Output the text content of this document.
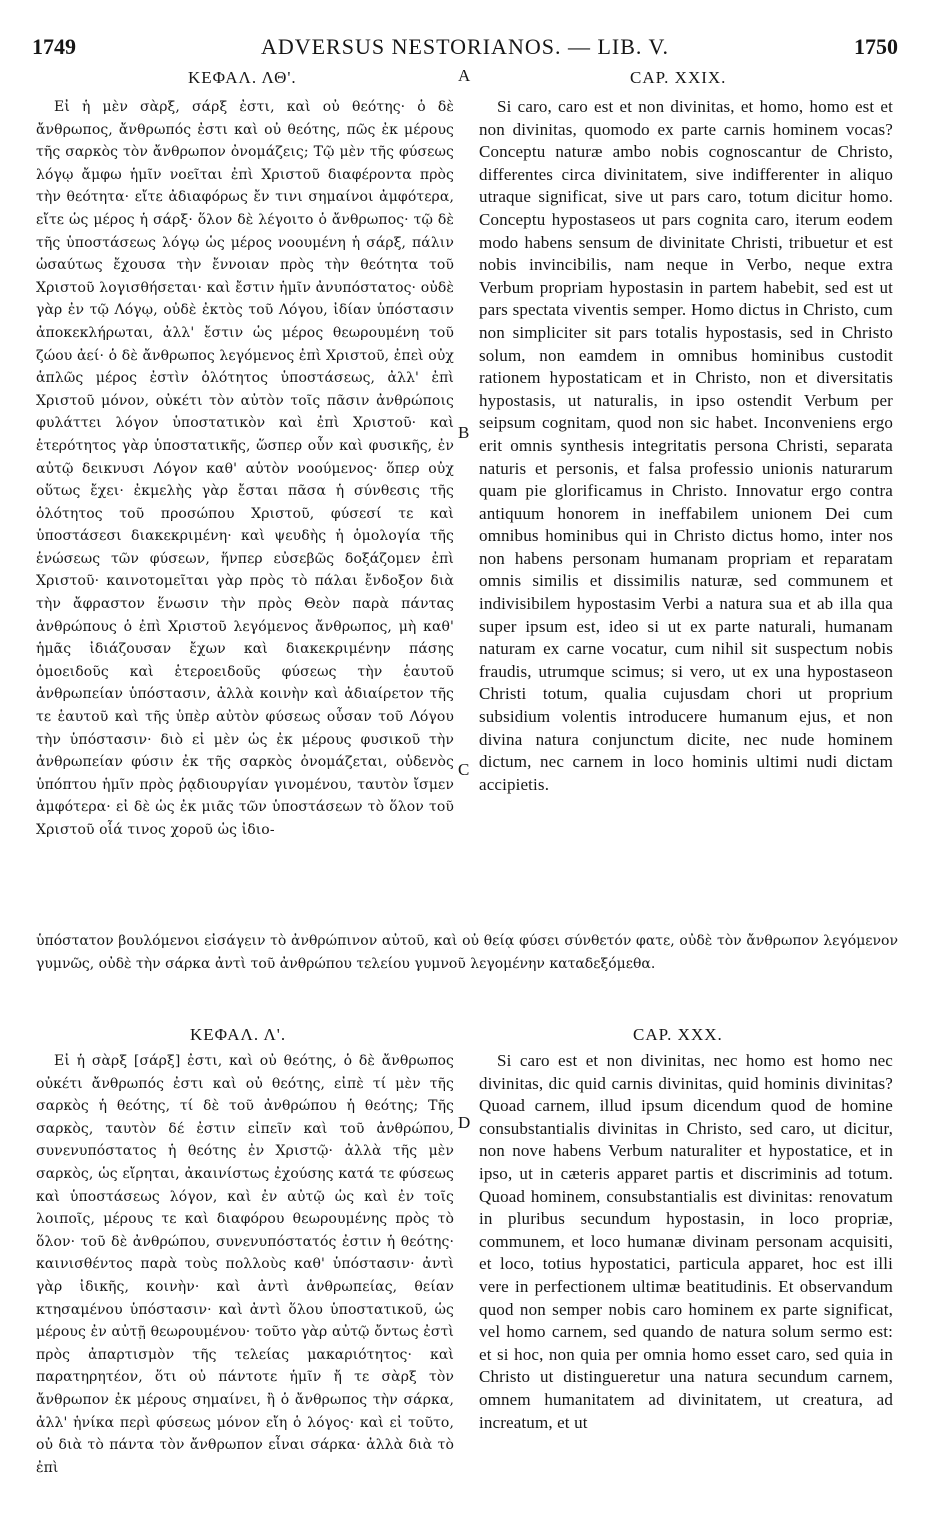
1749	ADVERSUS NESTORIANOS. — LIB. V.	1750
ΚΕΦΑΛ. ΛΘ'.	CAP. XXIX.

Εἰ ἡ μὲν σὰρξ, σάρξ ἐστι, καὶ οὐ θεότης· ὁ δὲ ἄνθρωπος, ἄνθρωπός ἐστι καὶ οὐ θεότης, πῶς ἐκ μέρους τῆς σαρκὸς τὸν ἄνθρωπον ὀνομάζεις; Τῷ μὲν τῆς φύσεως λόγῳ ἄμφω ἡμῖν νοεῖται ἐπὶ Χριστοῦ διαφέροντα πρὸς τὴν θεότητα· εἴτε ἀδιαφόρως ἔν τινι σημαίνοι ἀμφότερα, εἴτε ὡς μέρος ἡ σάρξ· ὅλον δὲ λέγοιτο ὁ ἄνθρωπος· τῷ δὲ τῆς ὑποστάσεως λόγῳ ὡς μέρος νοουμένη ἡ σάρξ, πάλιν ὡσαύτως ἔχουσα τὴν ἔννοιαν πρὸς τὴν θεότητα τοῦ Χριστοῦ λογισθήσεται· καὶ ἔστιν ἡμῖν ἀνυπόστατος· οὐδὲ γὰρ ἐν τῷ Λόγῳ, οὐδὲ ἐκτὸς τοῦ Λόγου, ἰδίαν ὑπόστασιν ἀποκεκλήρωται, ἀλλ' ἔστιν ὡς μέρος θεωρουμένη τοῦ ζώου ἀεί· ὁ δὲ ἄνθρωπος λεγόμενος ἐπὶ Χριστοῦ, ἐπεὶ οὐχ ἁπλῶς μέρος ἐστὶν ὁλότητος ὑποστάσεως, ἀλλ' ἐπὶ Χριστοῦ μόνον, οὐκέτι τὸν αὐτὸν τοῖς πᾶσιν ἀνθρώποις φυλάττει λόγον ὑποστατικὸν καὶ ἐπὶ Χριστοῦ· καὶ ἑτερότητος γὰρ ὑποστατικῆς, ὥσπερ οὖν καὶ φυσικῆς, ἐν αὐτῷ δεικνυσι Λόγον καθ' αὑτὸν νοούμενος· ὅπερ οὐχ οὕτως ἔχει· ἐκμελὴς γὰρ ἔσται πᾶσα ἡ σύνθεσις τῆς ὁλότητος τοῦ προσώπου Χριστοῦ, φύσεσί τε καὶ ὑποστάσεσι διακεκριμένη· καὶ ψευδὴς ἡ ὁμολογία τῆς ἑνώσεως τῶν φύσεων, ἥνπερ εὐσεβῶς δοξάζομεν ἐπὶ Χριστοῦ· καινοτομεῖται γὰρ πρὸς τὸ πάλαι ἔνδοξον διὰ τὴν ἄφραστον ἕνωσιν τὴν πρὸς Θεὸν παρὰ πάντας ἀνθρώπους ὁ ἐπὶ Χριστοῦ λεγόμενος ἄνθρωπος, μὴ καθ' ἡμᾶς ἰδιάζουσαν ἔχων καὶ διακεκριμένην πάσης ὁμοειδοῦς καὶ ἑτεροειδοῦς φύσεως τὴν ἑαυτοῦ ἀνθρωπείαν ὑπόστασιν, ἀλλὰ κοινὴν καὶ ἀδιαίρετον τῆς τε ἑαυτοῦ καὶ τῆς ὑπὲρ αὐτὸν φύσεως οὖσαν τοῦ Λόγου τὴν ὑπόστασιν· διὸ εἰ μὲν ὡς ἐκ μέρους φυσικοῦ τὴν ἀνθρωπείαν φύσιν ἐκ τῆς σαρκὸς ὀνομάζεται, οὐδενὸς ὑπόπτου ἡμῖν πρὸς ῥᾳδιουργίαν γινομένου, ταυτὸν ἴσμεν ἀμφότερα· εἰ δὲ ὡς ἐκ μιᾶς τῶν ὑποστάσεων τὸ ὅλον τοῦ Χριστοῦ οἷά τινος χοροῦ ὡς ἰδιο-

Si caro, caro est et non divinitas, et homo, homo est et non divinitas, quomodo ex parte carnis hominem vocas? Conceptu naturæ ambo nobis cognoscantur de Christo, differentes circa divinitatem, sive indifferenter in aliquo utraque significat, sive ut pars caro, totum dicitur homo. Conceptu hypostaseos ut pars cognita caro, iterum eodem modo habens sensum de divinitate Christi, tribuetur et est nobis invincibilis, nam neque in Verbo, neque extra Verbum propriam hypostasin in partem habebit, sed est ut pars spectata viventis semper. Homo dictus in Christo, cum non simpliciter sit pars totalis hypostasis, sed in Christo solum, non eamdem in omnibus hominibus custodit rationem hypostaticam et in Christo, non et diversitatis hypostasis, ut naturalis, in ipso ostendit Verbum per seipsum cognitam, quod non sic habet. Inconveniens ergo erit omnis synthesis integritatis persona Christi, separata naturis et personis, et falsa professio unionis naturarum quam pie glorificamus in Christo. Innovatur ergo contra antiquum honorem in ineffabilem unionem Dei cum omnibus hominibus qui in Christo dictus homo, inter nos non habens personam humanam propriam et reparatam omnis similis et dissimilis naturæ, sed communem et indivisibilem hypostasim Verbi a natura sua et ab illa qua super ipsum est, ideo si ut ex parte naturali, humanam naturam ex carne vocatur, cum nihil sit suspectum nobis fraudis, utrumque scimus; si vero, ut ex una hypostaseon Christi totum, qualia cujusdam chori ut proprium subsidium volentis introducere humanum ejus, et non divina natura conjunctum dicite, nec nude hominem dictum, nec carnem in loco hominis ultimi nudi dictam accipietis.

ὑπόστατον βουλόμενοι εἰσάγειν τὸ ἀνθρώπινον αὐτοῦ, καὶ οὐ θείᾳ φύσει σύνθετόν φατε, οὐδὲ τὸν ἄνθρωπον λεγόμενον γυμνῶς, οὐδὲ τὴν σάρκα ἀντὶ τοῦ ἀνθρώπου τελείου γυμνοῦ λεγομένην καταδεξόμεθα.

ΚΕΦΑΛ. Λ'.	CAP. XXX.

Εἰ ἡ σὰρξ [σάρξ] ἐστι, καὶ οὐ θεότης, ὁ δὲ ἄνθρωπος οὐκέτι ἄνθρωπός ἐστι καὶ οὐ θεότης, εἰπὲ τί μὲν τῆς σαρκὸς ἡ θεότης, τί δὲ τοῦ ἀνθρώπου ἡ θεότης; Τῆς σαρκὸς, ταυτὸν δέ ἐστιν εἰπεῖν καὶ τοῦ ἀνθρώπου, συνενυπόστατος ἡ θεότης ἐν Χριστῷ· ἀλλὰ τῆς μὲν σαρκὸς, ὡς εἴρηται, ἀκαινίστως ἐχούσης κατά τε φύσεως καὶ ὑποστάσεως λόγον, καὶ ἐν αὐτῷ ὡς καὶ ἐν τοῖς λοιποῖς, μέρους τε καὶ διαφόρου θεωρουμένης πρὸς τὸ ὅλον· τοῦ δὲ ἀνθρώπου, συνενυπόστατός ἐστιν ἡ θεότης· καινισθέντος παρὰ τοὺς πολλοὺς καθ' ὑπόστασιν· ἀντὶ γὰρ ἰδικῆς, κοινὴν· καὶ ἀντὶ ἀνθρωπείας, θείαν κτησαμένου ὑπόστασιν· καὶ ἀντὶ ὅλου ὑποστατικοῦ, ὡς μέρους ἐν αὐτῇ θεωρουμένου· τοῦτο γὰρ αὐτῷ ὄντως ἐστὶ πρὸς ἀπαρτισμὸν τῆς τελείας μακαριότητος· καὶ παρατηρητέον, ὅτι οὐ πάντοτε ἡμῖν ἤ τε σὰρξ τὸν ἄνθρωπον ἐκ μέρους σημαίνει, ἢ ὁ ἄνθρωπος τὴν σάρκα, ἀλλ' ἡνίκα περὶ φύσεως μόνον εἴη ὁ λόγος· καὶ εἰ τοῦτο, οὐ διὰ τὸ πάντα τὸν ἄνθρωπον εἶναι σάρκα· ἀλλὰ διὰ τὸ ἐπὶ

Si caro est et non divinitas, nec homo est homo nec divinitas, dic quid carnis divinitas, quid hominis divinitas? Quoad carnem, illud ipsum dicendum quod de homine consubstantialis divinitas in Christo, sed caro, ut dicitur, non nove habens Verbum naturaliter et hypostatice, et in ipso, ut in cæteris apparet partis et discriminis ad totum. Quoad hominem, consubstantialis est divinitas: renovatum in pluribus secundum hypostasin, in loco propriæ, communem, et loco humanæ divinam personam acquisiti, et loco, totius hypostatici, particula apparet, hoc est illi vere in perfectionem ultimæ beatitudinis. Et observandum quod non semper nobis caro hominem ex parte significat, vel homo carnem, sed quando de natura solum sermo est: et si hoc, non quia per omnia homo esset caro, sed quia in Christo ut distingueretur una natura secundum carnem, omnem humanitatem ad divinitatem, ut creatura, ad increatum, et ut

A
B
C
D
